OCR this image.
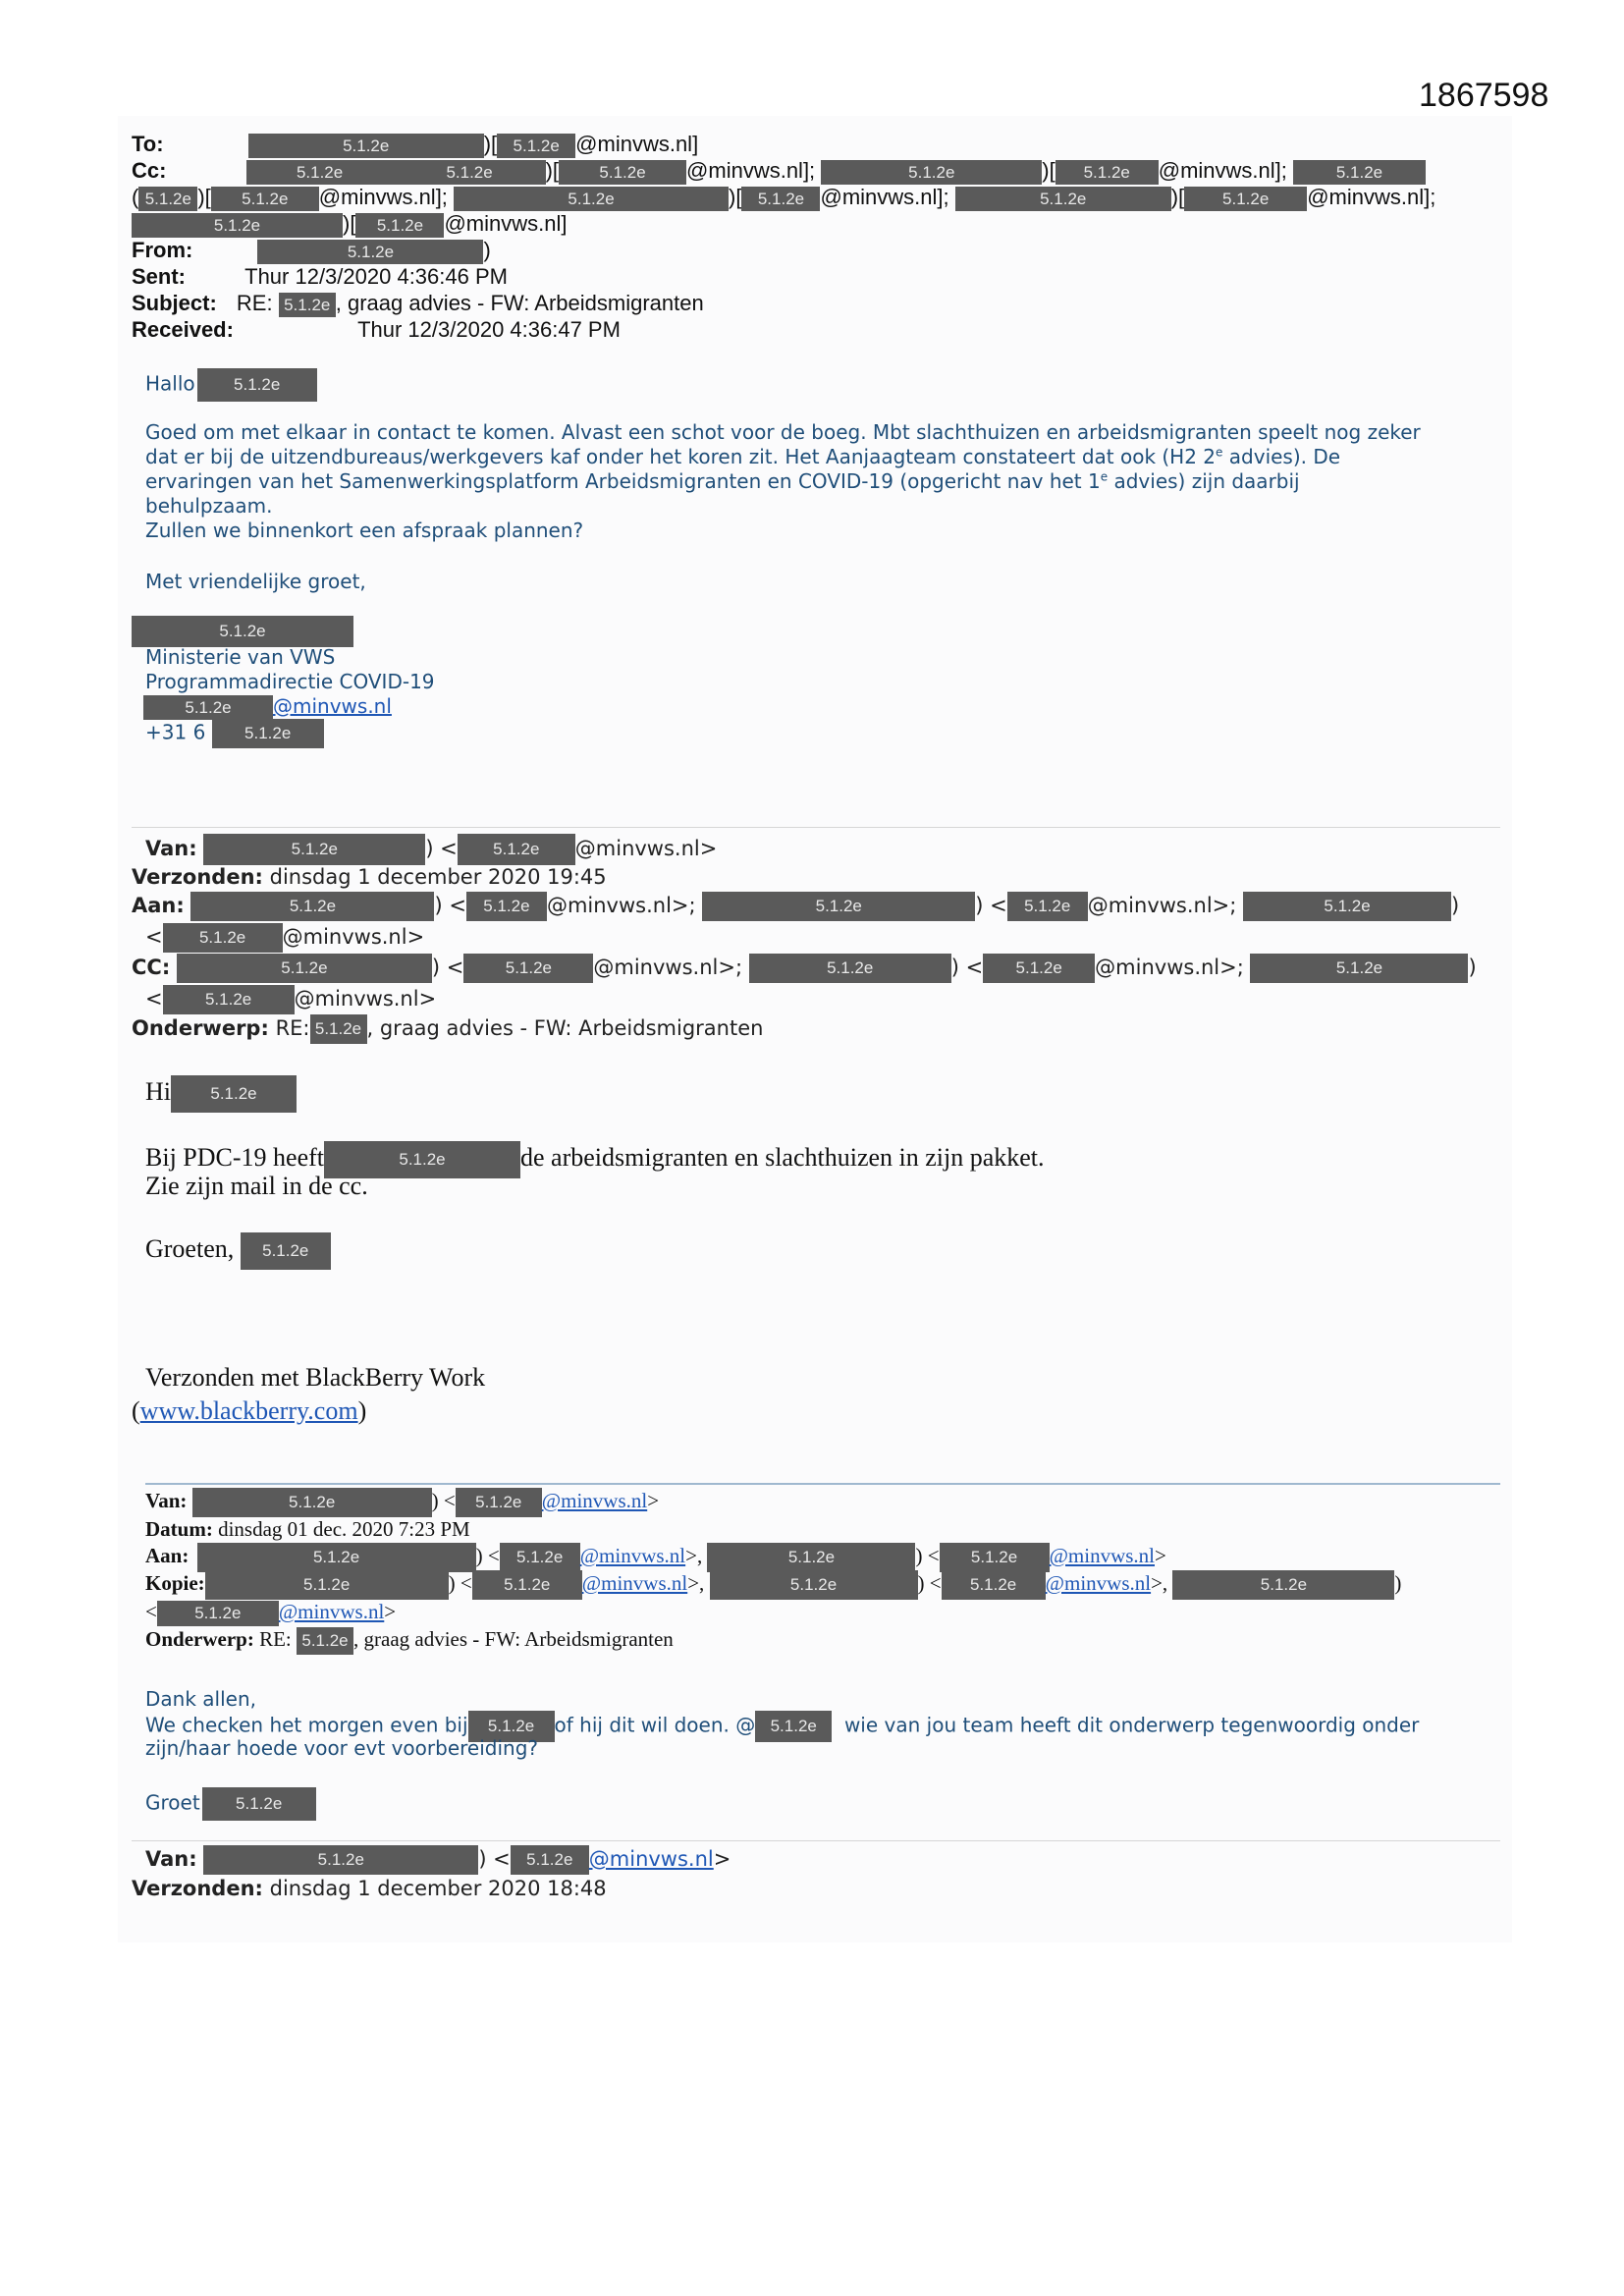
1867598
To:	5.1.2e	)[ 5.1.2e @minvws.nl]
Cc:	5.1.2e	5.1.2e )[ 5.1.2e @minvws.nl];	5.1.2e	)[ 5.1.2e @minvws.nl];	5.1.2e
( 5.1.2e )[ 5.1.2e @minvws.nl];	5.1.2e	)[ 5.1.2e @minvws.nl];	5.1.2e	)[ 5.1.2e @minvws.nl];
5.1.2e	)[ 5.1.2e @minvws.nl]
From:	5.1.2e	)
Sent:	Thur 12/3/2020 4:36:46 PM
Subject: RE: 5.1.2e , graag advies - FW: Arbeidsmigranten
Received:	Thur 12/3/2020 4:36:47 PM
Hallo 5.1.2e
Goed om met elkaar in contact te komen. Alvast een schot voor de boeg. Mbt slachthuizen en arbeidsmigranten speelt nog zeker
dat er bij de uitzendbureaus/werkgevers kaf onder het koren zit. Het Aanjaagteam constateert dat ook (H2 2e advies). De
ervaringen van het Samenwerkingsplatform Arbeidsmigranten en COVID-19 (opgericht nav het 1e advies) zijn daarbij
behulpzaam.
Zullen we binnenkort een afspraak plannen?
Met vriendelijke groet,
5.1.2e
Ministerie van VWS
Programmadirectie COVID-19
5.1.2e @minvws.nl
+31 6 5.1.2e
Van:	5.1.2e	) < 5.1.2e @minvws.nl>
Verzonden: dinsdag 1 december 2020 19:45
Aan:	5.1.2e	) < 5.1.2e @minvws.nl>;	5.1.2e	) < 5.1.2e @minvws.nl>;	5.1.2e	)
< 5.1.2e @minvws.nl>
CC:	5.1.2e	) < 5.1.2e @minvws.nl>;	5.1.2e	) < 5.1.2e @minvws.nl>;	5.1.2e	)
<	5.1.2e @minvws.nl>
Onderwerp: RE: 5.1.2e , graag advies - FW: Arbeidsmigranten
Hi 5.1.2e
Bij PDC-19 heeft	5.1.2e	de arbeidsmigranten en slachthuizen in zijn pakket.
Zie zijn mail in de cc.
Groeten, 5.1.2e
Verzonden met BlackBerry Work
(www.blackberry.com)
Van:	5.1.2e	) < 5.1.2e @minvws.nl>
Datum: dinsdag 01 dec. 2020 7:23 PM
Aan:	5.1.2e	) < 5.1.2e @minvws.nl>,	5.1.2e	) < 5.1.2e @minvws.nl>
Kopie:	5.1.2e	) < 5.1.2e @minvws.nl>,	5.1.2e	) < 5.1.2e @minvws.nl>,	5.1.2e	)
< 5.1.2e @minvws.nl>
Onderwerp: RE: 5.1.2e , graag advies - FW: Arbeidsmigranten
Dank allen,
We checken het morgen even bij 5.1.2e of hij dit wil doen. @ 5.1.2e wie van jou team heeft dit onderwerp tegenwoordig onder
zijn/haar hoede voor evt voorbereiding?
Groet 5.1.2e
Van:	5.1.2e	) < 5.1.2e @minvws.nl>
Verzonden: dinsdag 1 december 2020 18:48
